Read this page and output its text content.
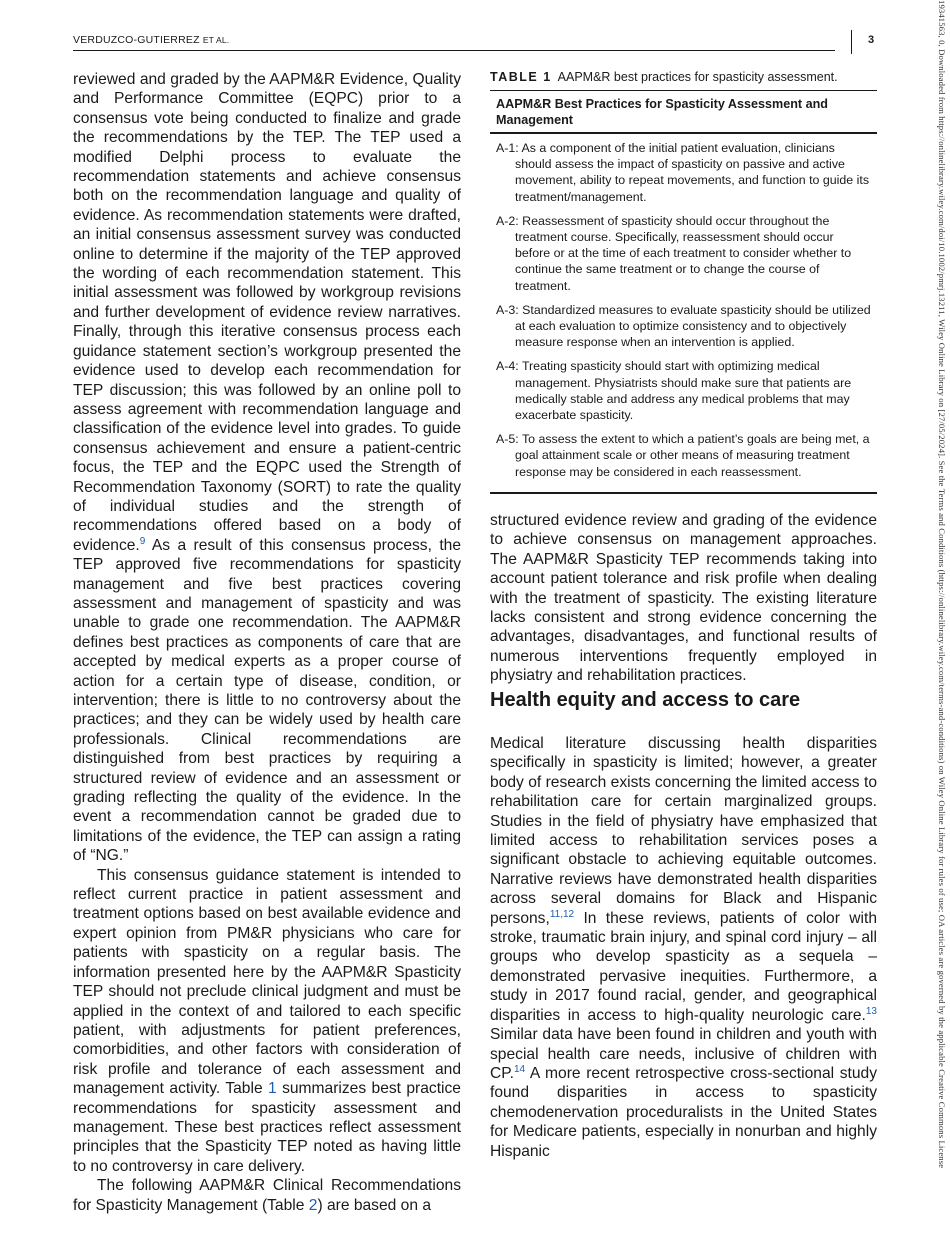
VERDUZCO-GUTIERREZ ET AL.	3

reviewed and graded by the AAPM&R Evidence, Quality and Performance Committee (EQPC) prior to a consensus vote being conducted to finalize and grade the recommendations by the TEP. The TEP used a modified Delphi process to evaluate the recommendation statements and achieve consensus both on the recommendation language and quality of evidence. As recommendation statements were drafted, an initial consensus assessment survey was conducted online to determine if the majority of the TEP approved the wording of each recommendation statement. This initial assessment was followed by workgroup revisions and further development of evidence review narratives. Finally, through this iterative consensus process each guidance statement section’s workgroup presented the evidence used to develop each recommendation for TEP discussion; this was followed by an online poll to assess agreement with recommendation language and classification of the evidence level into grades. To guide consensus achievement and ensure a patient-centric focus, the TEP and the EQPC used the Strength of Recommendation Taxonomy (SORT) to rate the quality of individual studies and the strength of recommendations offered based on a body of evidence.$^9$ As a result of this consensus process, the TEP approved five recommendations for spasticity management and five best practices covering assessment and management of spasticity and was unable to grade one recommendation. The AAPM&R defines best practices as components of care that are accepted by medical experts as a proper course of action for a certain type of disease, condition, or intervention; there is little to no controversy about the practices; and they can be widely used by health care professionals. Clinical recommendations are distinguished from best practices by requiring a structured review of evidence and an assessment or grading reflecting the quality of the evidence. In the event a recommendation cannot be graded due to limitations of the evidence, the TEP can assign a rating of “NG.”

This consensus guidance statement is intended to reflect current practice in patient assessment and treatment options based on best available evidence and expert opinion from PM&R physicians who care for patients with spasticity on a regular basis. The information presented here by the AAPM&R Spasticity TEP should not preclude clinical judgment and must be applied in the context of and tailored to each specific patient, with adjustments for patient preferences, comorbidities, and other factors with consideration of risk profile and tolerance of each assessment and management activity. Table 1 summarizes best practice recommendations for spasticity assessment and management. These best practices reflect assessment principles that the Spasticity TEP noted as having little to no controversy in care delivery.

The following AAPM&R Clinical Recommendations for Spasticity Management (Table 2) are based on a

TABLE 1 AAPM&R best practices for spasticity assessment.
AAPM&R Best Practices for Spasticity Assessment and Management

A-1: As a component of the initial patient evaluation, clinicians should assess the impact of spasticity on passive and active movement, ability to repeat movements, and function to guide its treatment/management.

A-2: Reassessment of spasticity should occur throughout the treatment course. Specifically, reassessment should occur before or at the time of each treatment to consider whether to continue the same treatment or to change the course of treatment.

A-3: Standardized measures to evaluate spasticity should be utilized at each evaluation to optimize consistency and to objectively measure response when an intervention is applied.

A-4: Treating spasticity should start with optimizing medical management. Physiatrists should make sure that patients are medically stable and address any medical problems that may exacerbate spasticity.

A-5: To assess the extent to which a patient’s goals are being met, a goal attainment scale or other means of measuring treatment response may be considered in each reassessment.

structured evidence review and grading of the evidence to achieve consensus on management approaches. The AAPM&R Spasticity TEP recommends taking into account patient tolerance and risk profile when dealing with the treatment of spasticity. The existing literature lacks consistent and strong evidence concerning the advantages, disadvantages, and functional results of numerous interventions frequently employed in physiatry and rehabilitation practices.

Health equity and access to care

Medical literature discussing health disparities specifically in spasticity is limited; however, a greater body of research exists concerning the limited access to rehabilitation care for certain marginalized groups. Studies in the field of physiatry have emphasized that limited access to rehabilitation services poses a significant obstacle to achieving equitable outcomes. Narrative reviews have demonstrated health disparities across several domains for Black and Hispanic persons,$^{11,12}$ In these reviews, patients of color with stroke, traumatic brain injury, and spinal cord injury – all groups who develop spasticity as a sequela – demonstrated pervasive inequities. Furthermore, a study in 2017 found racial, gender, and geographical disparities in access to high-quality neurologic care.$^{13}$ Similar data have been found in children and youth with special health care needs, inclusive of children with CP.$^{14}$ A more recent retrospective cross-sectional study found disparities in access to spasticity chemodenervation proceduralists in the United States for Medicare patients, especially in nonurban and highly Hispanic	19341563, 0, Downloaded from https://onlinelibrary.wiley.com/doi/10.1002/pmrj.13211, Wiley Online Library on [27/05/2024]. See the Terms and Conditions (https://onlinelibrary.wiley.com/terms-and-conditions) on Wiley Online Library for rules of use; OA articles are governed by the applicable Creative Commons License
